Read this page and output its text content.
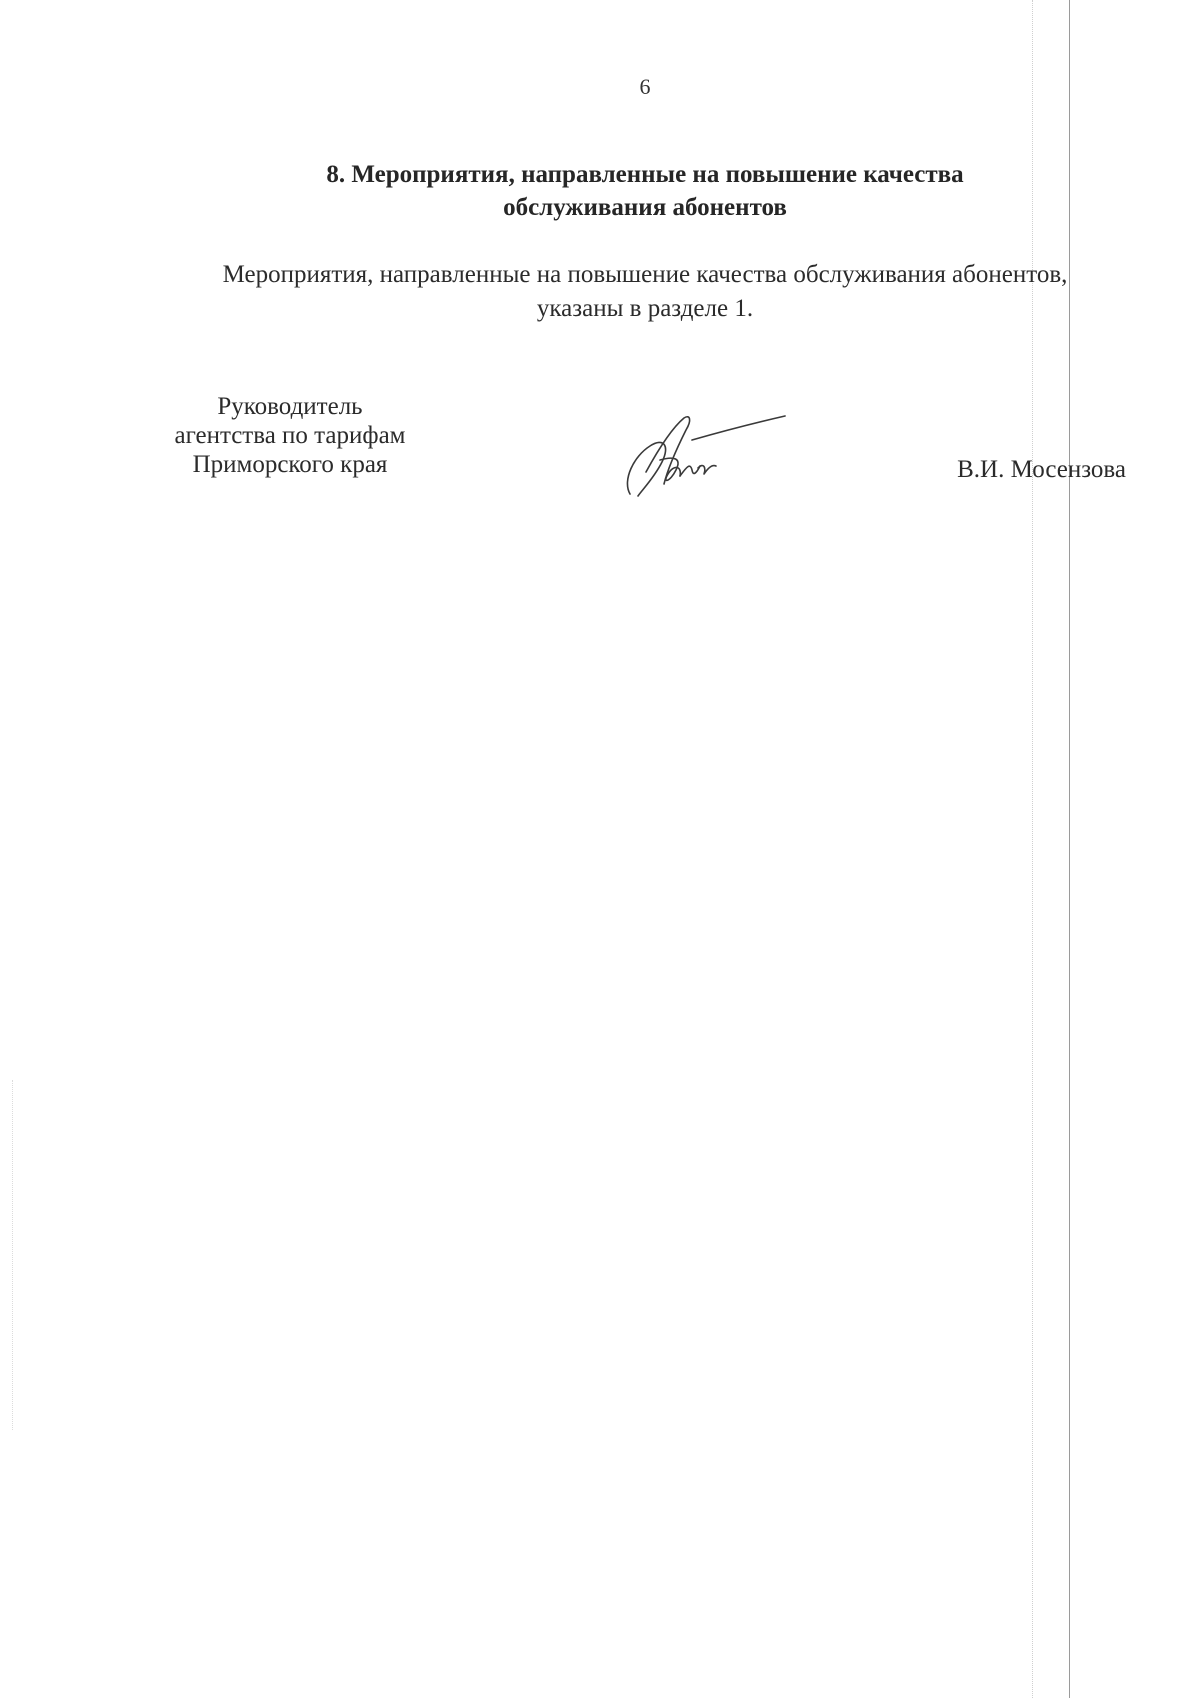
6
8. Мероприятия, направленные на повышение качества
обслуживания абонентов
Мероприятия, направленные на повышение качества обслуживания абонентов,
указаны в разделе 1.
Руководитель
агентства по тарифам
Приморского края	В.И. Мосензова
